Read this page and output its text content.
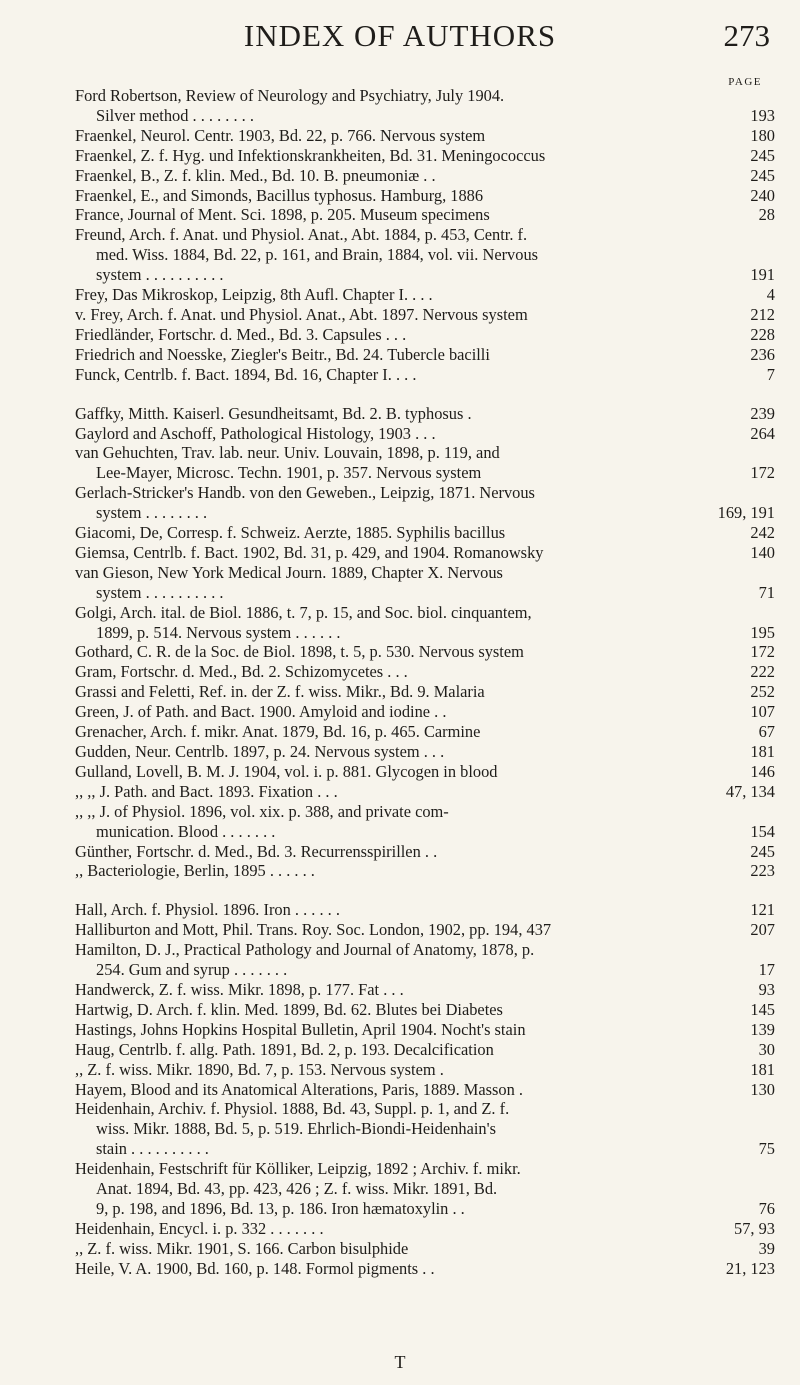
INDEX OF AUTHORS	273
PAGE
Ford Robertson, Review of Neurology and Psychiatry, July 1904.
Silver method . . . . . . . .	193
Fraenkel, Neurol. Centr. 1903, Bd. 22, p. 766. Nervous system	180
Fraenkel, Z. f. Hyg. und Infektionskrankheiten, Bd. 31. Meningococcus	245
Fraenkel, B., Z. f. klin. Med., Bd. 10. B. pneumoniæ . .	245
Fraenkel, E., and Simonds, Bacillus typhosus. Hamburg, 1886	240
France, Journal of Ment. Sci. 1898, p. 205. Museum specimens	28
Freund, Arch. f. Anat. und Physiol. Anat., Abt. 1884, p. 453, Centr. f.
med. Wiss. 1884, Bd. 22, p. 161, and Brain, 1884, vol. vii. Nervous
system . . . . . . . . . .	191
Frey, Das Mikroskop, Leipzig, 8th Aufl. Chapter I. . . .	4
v. Frey, Arch. f. Anat. und Physiol. Anat., Abt. 1897. Nervous system	212
Friedländer, Fortschr. d. Med., Bd. 3. Capsules . . .	228
Friedrich and Noesske, Ziegler's Beitr., Bd. 24. Tubercle bacilli	236
Funck, Centrlb. f. Bact. 1894, Bd. 16, Chapter I. . . .	7
Gaffky, Mitth. Kaiserl. Gesundheitsamt, Bd. 2. B. typhosus .	239
Gaylord and Aschoff, Pathological Histology, 1903 . . .	264
van Gehuchten, Trav. lab. neur. Univ. Louvain, 1898, p. 119, and
Lee-Mayer, Microsc. Techn. 1901, p. 357. Nervous system	172
Gerlach-Stricker's Handb. von den Geweben., Leipzig, 1871. Nervous
system . . . . . . . .	169, 191
Giacomi, De, Corresp. f. Schweiz. Aerzte, 1885. Syphilis bacillus	242
Giemsa, Centrlb. f. Bact. 1902, Bd. 31, p. 429, and 1904. Romanowsky	140
van Gieson, New York Medical Journ. 1889, Chapter X. Nervous
system . . . . . . . . . .	71
Golgi, Arch. ital. de Biol. 1886, t. 7, p. 15, and Soc. biol. cinquantem,
1899, p. 514. Nervous system . . . . . .	195
Gothard, C. R. de la Soc. de Biol. 1898, t. 5, p. 530. Nervous system	172
Gram, Fortschr. d. Med., Bd. 2. Schizomycetes . . .	222
Grassi and Feletti, Ref. in. der Z. f. wiss. Mikr., Bd. 9. Malaria	252
Green, J. of Path. and Bact. 1900. Amyloid and iodine . .	107
Grenacher, Arch. f. mikr. Anat. 1879, Bd. 16, p. 465. Carmine	67
Gudden, Neur. Centrlb. 1897, p. 24. Nervous system . . .	181
Gulland, Lovell, B. M. J. 1904, vol. i. p. 881. Glycogen in blood	146
,, ,, J. Path. and Bact. 1893. Fixation . . .	47, 134
,, ,, J. of Physiol. 1896, vol. xix. p. 388, and private com-
munication. Blood . . . . . . .	154
Günther, Fortschr. d. Med., Bd. 3. Recurrensspirillen . .	245
,, Bacteriologie, Berlin, 1895 . . . . . .	223
Hall, Arch. f. Physiol. 1896. Iron . . . . . .	121
Halliburton and Mott, Phil. Trans. Roy. Soc. London, 1902, pp. 194, 437	207
Hamilton, D. J., Practical Pathology and Journal of Anatomy, 1878, p.
254. Gum and syrup . . . . . . .	17
Handwerck, Z. f. wiss. Mikr. 1898, p. 177. Fat . . .	93
Hartwig, D. Arch. f. klin. Med. 1899, Bd. 62. Blutes bei Diabetes	145
Hastings, Johns Hopkins Hospital Bulletin, April 1904. Nocht's stain	139
Haug, Centrlb. f. allg. Path. 1891, Bd. 2, p. 193. Decalcification	30
,, Z. f. wiss. Mikr. 1890, Bd. 7, p. 153. Nervous system .	181
Hayem, Blood and its Anatomical Alterations, Paris, 1889. Masson .	130
Heidenhain, Archiv. f. Physiol. 1888, Bd. 43, Suppl. p. 1, and Z. f.
wiss. Mikr. 1888, Bd. 5, p. 519. Ehrlich-Biondi-Heidenhain's
stain . . . . . . . . . .	75
Heidenhain, Festschrift für Kölliker, Leipzig, 1892 ; Archiv. f. mikr.
Anat. 1894, Bd. 43, pp. 423, 426 ; Z. f. wiss. Mikr. 1891, Bd.
9, p. 198, and 1896, Bd. 13, p. 186. Iron hæmatoxylin . .	76
Heidenhain, Encycl. i. p. 332 . . . . . . .	57, 93
,, Z. f. wiss. Mikr. 1901, S. 166. Carbon bisulphide	39
Heile, V. A. 1900, Bd. 160, p. 148. Formol pigments . .	21, 123
T
